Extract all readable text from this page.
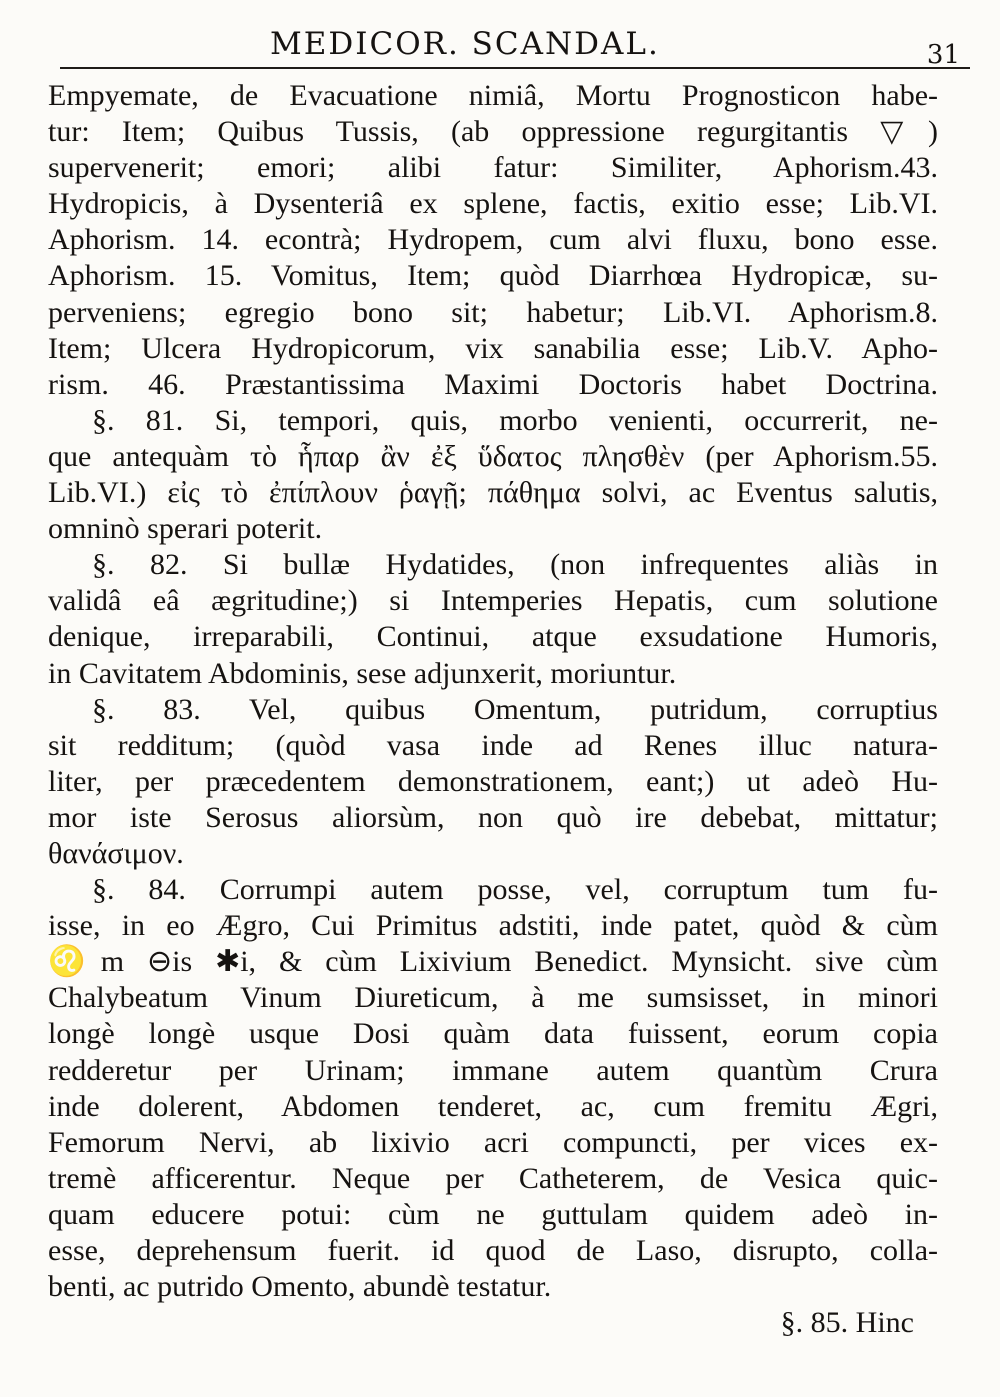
MEDICOR. SCANDAL.	31
Empyemate, de Evacuatione nimiâ, Mortu Prognosticon habe-
tur: Item; Quibus Tussis, (ab oppressione regurgitantis ▽)
supervenerit; emori; alibi fatur: Similiter, Aphorism.43.
Hydropicis, à Dysenteriâ ex splene, factis, exitio esse; Lib.VI.
Aphorism. 14. econtrà; Hydropem, cum alvi fluxu, bono esse.
Aphorism. 15. Vomitus, Item; quòd Diarrhœa Hydropicæ, su-
perveniens; egregio bono sit; habetur; Lib.VI. Aphorism.8.
Item; Ulcera Hydropicorum, vix sanabilia esse; Lib.V. Apho-
rism. 46. Præstantissima Maximi Doctoris habet Doctrina.
§. 81. Si, tempori, quis, morbo venienti, occurrerit, ne-
que antequàm τὸ ἧπαρ ἂν ἐξ ὕδατος πλησθὲν (per Aphorism.55.
Lib.VI.) εἰς τὸ ἐπίπλουν ῥαγῇ; πάθημα solvi, ac Eventus salutis,
omninò sperari poterit.
§. 82. Si bullæ Hydatides, (non infrequentes aliàs in
validâ eâ ægritudine;) si Intemperies Hepatis, cum solutione
denique, irreparabili, Continui, atque exsudatione Humoris,
in Cavitatem Abdominis, sese adjunxerit, moriuntur.
§. 83. Vel, quibus Omentum, putridum, corruptius
sit redditum; (quòd vasa inde ad Renes illuc natura-
liter, per præcedentem demonstrationem, eant;) ut adeò Hu-
mor iste Serosus aliorsùm, non quò ire debebat, mittatur;
θανάσιμον.
§. 84. Corrumpi autem posse, vel, corruptum tum fu-
isse, in eo Ægro, Cui Primitus adstiti, inde patet, quòd & cùm
♌m ⊖is ✱i, & cùm Lixivium Benedict. Mynsicht. sive cùm
Chalybeatum Vinum Diureticum, à me sumsisset, in minori
longè longè usque Dosi quàm data fuissent, eorum copia
redderetur per Urinam; immane autem quantùm Crura
inde dolerent, Abdomen tenderet, ac, cum fremitu Ægri,
Femorum Nervi, ab lixivio acri compuncti, per vices ex-
tremè afficerentur. Neque per Catheterem, de Vesica quic-
quam educere potui: cùm ne guttulam quidem adeò in-
esse, deprehensum fuerit. id quod de Laso, disrupto, colla-
benti, ac putrido Omento, abundè testatur.
§. 85. Hinc
